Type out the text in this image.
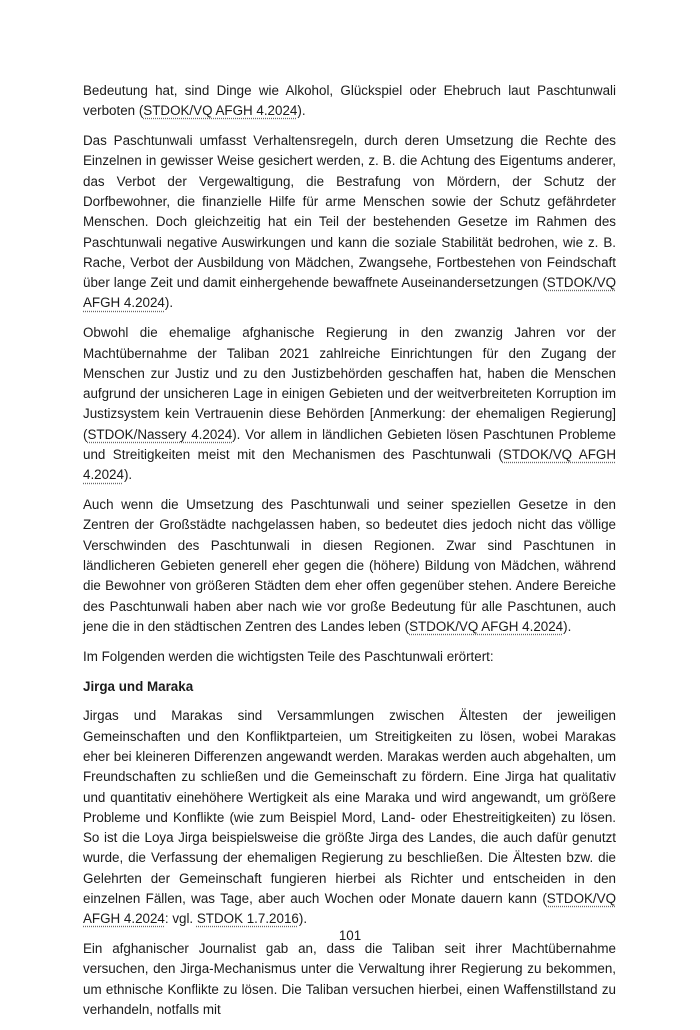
Bedeutung hat, sind Dinge wie Alkohol, Glückspiel oder Ehebruch laut Paschtunwali verboten (STDOK/VQ AFGH 4.2024).

Das Paschtunwali umfasst Verhaltensregeln, durch deren Umsetzung die Rechte des Einzelnen in gewisser Weise gesichert werden, z. B. die Achtung des Eigentums anderer, das Verbot der Vergewaltigung, die Bestrafung von Mördern, der Schutz der Dorfbewohner, die finanzielle Hilfe für arme Menschen sowie der Schutz gefährdeter Menschen. Doch gleichzeitig hat ein Teil der bestehenden Gesetze im Rahmen des Paschtunwali negative Auswirkungen und kann die soziale Stabilität bedrohen, wie z. B. Rache, Verbot der Ausbildung von Mädchen, Zwangsehe, Fortbestehen von Feindschaft über lange Zeit und damit einhergehende bewaffnete Auseinandersetzungen (STDOK/VQ AFGH 4.2024).

Obwohl die ehemalige afghanische Regierung in den zwanzig Jahren vor der Machtübernahme der Taliban 2021 zahlreiche Einrichtungen für den Zugang der Menschen zur Justiz und zu den Justizbehörden geschaffen hat, haben die Menschen aufgrund der unsicheren Lage in einigen Gebieten und der weitverbreiteten Korruption im Justizsystem kein Vertrauenin diese Behörden [Anmerkung: der ehemaligen Regierung] (STDOK/Nassery 4.2024). Vor allem in ländlichen Gebieten lösen Paschtunen Probleme und Streitigkeiten meist mit den Mechanismen des Paschtunwali (STDOK/VQ AFGH 4.2024).

Auch wenn die Umsetzung des Paschtunwali und seiner speziellen Gesetze in den Zentren der Großstädte nachgelassen haben, so bedeutet dies jedoch nicht das völlige Verschwinden des Paschtunwali in diesen Regionen. Zwar sind Paschtunen in ländlicheren Gebieten generell eher gegen die (höhere) Bildung von Mädchen, während die Bewohner von größeren Städten dem eher offen gegenüber stehen. Andere Bereiche des Paschtunwali haben aber nach wie vor große Bedeutung für alle Paschtunen, auch jene die in den städtischen Zentren des Landes leben (STDOK/VQ AFGH 4.2024).

Im Folgenden werden die wichtigsten Teile des Paschtunwali erörtert:

Jirga und Maraka

Jirgas und Marakas sind Versammlungen zwischen Ältesten der jeweiligen Gemeinschaften und den Konfliktparteien, um Streitigkeiten zu lösen, wobei Marakas eher bei kleineren Differenzen angewandt werden. Marakas werden auch abgehalten, um Freundschaften zu schließen und die Gemeinschaft zu fördern. Eine Jirga hat qualitativ und quantitativ einehöhere Wertigkeit als eine Maraka und wird angewandt, um größere Probleme und Konflikte (wie zum Beispiel Mord, Land- oder Ehestreitigkeiten) zu lösen. So ist die Loya Jirga beispielsweise die größte Jirga des Landes, die auch dafür genutzt wurde, die Verfassung der ehemaligen Regierung zu beschließen. Die Ältesten bzw. die Gelehrten der Gemeinschaft fungieren hierbei als Richter und entscheiden in den einzelnen Fällen, was Tage, aber auch Wochen oder Monate dauern kann (STDOK/VQ AFGH 4.2024: vgl. STDOK 1.7.2016).

Ein afghanischer Journalist gab an, dass die Taliban seit ihrer Machtübernahme versuchen, den Jirga-Mechanismus unter die Verwaltung ihrer Regierung zu bekommen, um ethnische Konflikte zu lösen. Die Taliban versuchen hierbei, einen Waffenstillstand zu verhandeln, notfalls mit

101
